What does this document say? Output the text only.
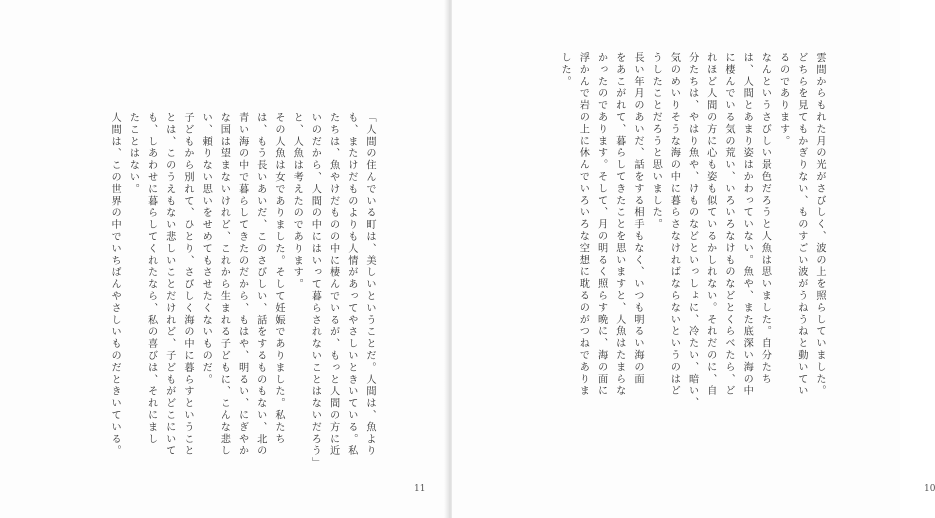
「人間の住んでいる町は、美しいということだ。人間は、魚より
も、またけだものよりも人情があってやさしいときいている。私
たちは、魚やけだものの中に棲んでいるが、もっと人間の方に近
いのだから、人間の中にはいって暮らされないことはないだろう」
と、人魚は考えたのであります。
その人魚は女でありました。そして妊娠でありました。私たち
は、もう長いあいだ、このさびしい、話をするものもない、北の
青い海の中で暮らしてきたのだから、もはや、明るい、にぎやか
な国は望まないけれど、これから生まれる子どもに、こんな悲し
い、頼りない思いをせめてもさせたくないものだ。
子どもから別れて、ひとり、さびしく海の中に暮らすということ
とは、このうえもない悲しいことだけれど、子どもがどこにいて
も、しあわせに暮らしてくれたなら、私の喜びは、それにまし
たことはない。
人間は、この世界の中でいちばんやさしいものだときいている。
11
雲間からもれた月の光がさびしく、波の上を照らしていました。
どちらを見てもかぎりない、ものすごい波がうねうねと動いてい
るのであります。
なんというさびしい景色だろうと人魚は思いました。自分たち
は、人間とあまり姿はかわっていない。魚や、また底深い海の中
に棲んでいる気の荒い、いろいろなけものなどとくらべたら、ど
れほど人間の方に心も姿も似ているかしれない。それだのに、自
分たちは、やはり魚や、けものなどといっしょに、冷たい、暗い、
気のめいりそうな海の中に暮らさなければならないというのはど
うしたことだろうと思いました。
長い年月のあいだ、話をする相手もなく、いつも明るい海の面
をあこがれて、暮らしてきたことを思いますと、人魚はたまらな
かったのであります。そして、月の明るく照らす晩に、海の面に
浮かんで岩の上に休んでいろいろな空想に耽るのがつねでありま
した。
10
